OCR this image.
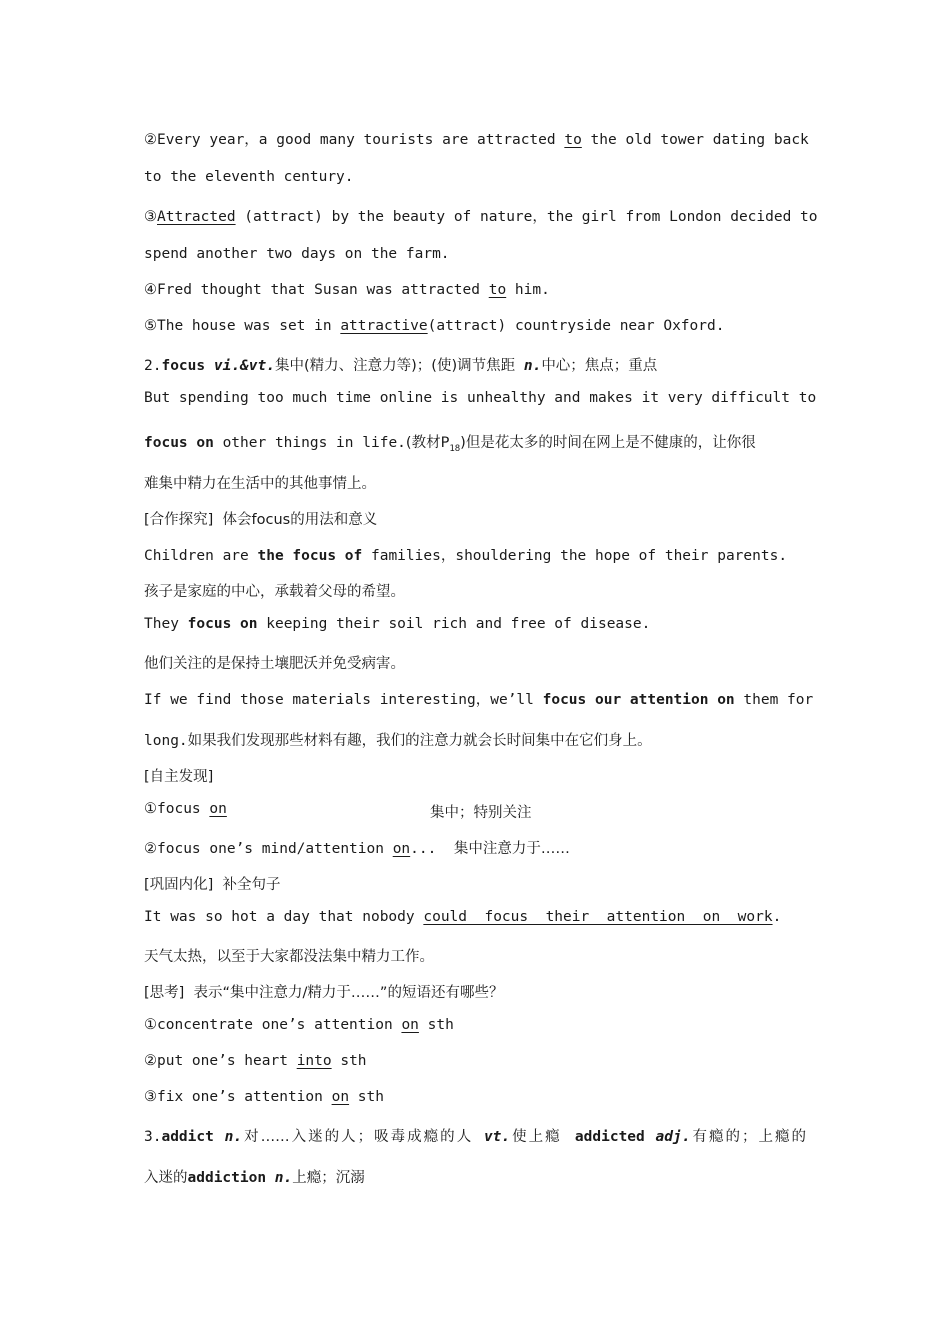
②Every year，a good many tourists are attracted to the old tower dating back
to the eleventh century.
③Attracted (attract) by the beauty of nature，the girl from London decided to
spend another two days on the farm.
④Fred thought that Susan was attracted to him.
⑤The house was set in attractive(attract) countryside near Oxford.
2.focus vi.&vt.集中(精力、注意力等)；(使)调节焦距 n.中心；焦点；重点
But spending too much time online is unhealthy and makes it very difficult to
focus on other things in life.(教材$P_{18}$)但是花太多的时间在网上是不健康的，让你很
难集中精力在生活中的其他事情上。
[合作探究]  体会focus的用法和意义
Children are the focus of families，shouldering the hope of their parents.
孩子是家庭的中心，承载着父母的希望。
They focus on keeping their soil rich and free of disease.
他们关注的是保持土壤肥沃并免受病害。
If we find those materials interesting，we’ll focus our attention on them for
long.如果我们发现那些材料有趣，我们的注意力就会长时间集中在它们身上。
[自主发现]
①focus on	集中；特别关注
②focus one’s mind/attention on...  集中注意力于……
[巩固内化]  补全句子
It was so hot a day that nobody could  focus  their  attention  on  work.
天气太热，以至于大家都没法集中精力工作。
[思考]  表示“集中注意力/精力于……”的短语还有哪些？
①concentrate one’s attention on sth
②put one’s heart into sth
③fix one’s attention on sth
3.addict n.对……入迷的人；吸毒成瘾的人 vt.使上瘾  addicted adj.有瘾的；上瘾的
入迷的addiction n.上瘾；沉溺
